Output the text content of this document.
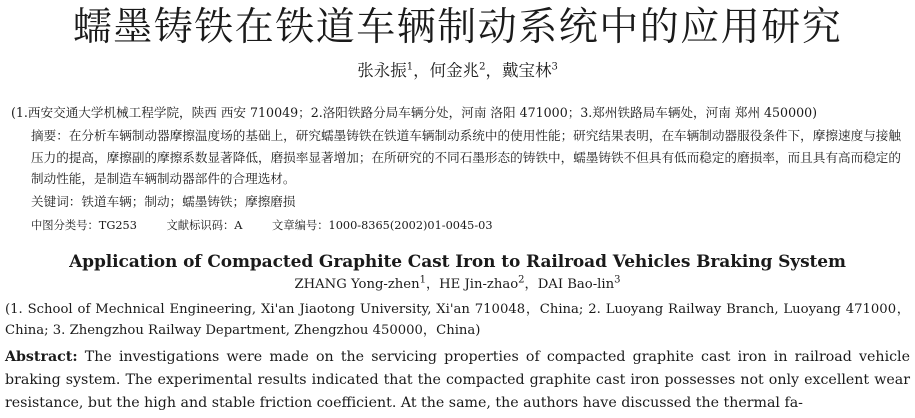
蠕墨铸铁在铁道车辆制动系统中的应用研究
张永振$^1$，何金兆$^2$，戴宝林$^3$
(1.西安交通大学机械工程学院，陕西 西安 710049；2.洛阳铁路分局车辆分处，河南 洛阳 471000；3.郑州铁路局车辆处，河南 郑州 450000)
摘要：在分析车辆制动器摩擦温度场的基础上，研究蠕墨铸铁在铁道车辆制动系统中的使用性能；研究结果表明，在车辆制动器服役条件下，摩擦速度与接触压力的提高，摩擦副的摩擦系数显著降低，磨损率显著增加；在所研究的不同石墨形态的铸铁中，蠕墨铸铁不但具有低而稳定的磨损率，而且具有高而稳定的制动性能，是制造车辆制动器部件的合理选材。
关键词：铁道车辆；制动；蠕墨铸铁；摩擦磨损
中图分类号：TG253	文献标识码：A	文章编号：1000-8365(2002)01-0045-03
Application of Compacted Graphite Cast Iron to Railroad Vehicles Braking System
ZHANG Yong-zhen$^1$，HE Jin-zhao$^2$，DAI Bao-lin$^3$
(1. School of Mechnical Engineering, Xi'an Jiaotong University, Xi'an 710048，China; 2. Luoyang Railway Branch, Luoyang 471000，China; 3. Zhengzhou Railway Department, Zhengzhou 450000，China)
Abstract: The investigations were made on the servicing properties of compacted graphite cast iron in railroad vehicle braking system. The experimental results indicated that the compacted graphite cast iron possesses not only excellent wear resistance, but the high and stable friction coefficient. At the same, the authors have discussed the thermal fa-
